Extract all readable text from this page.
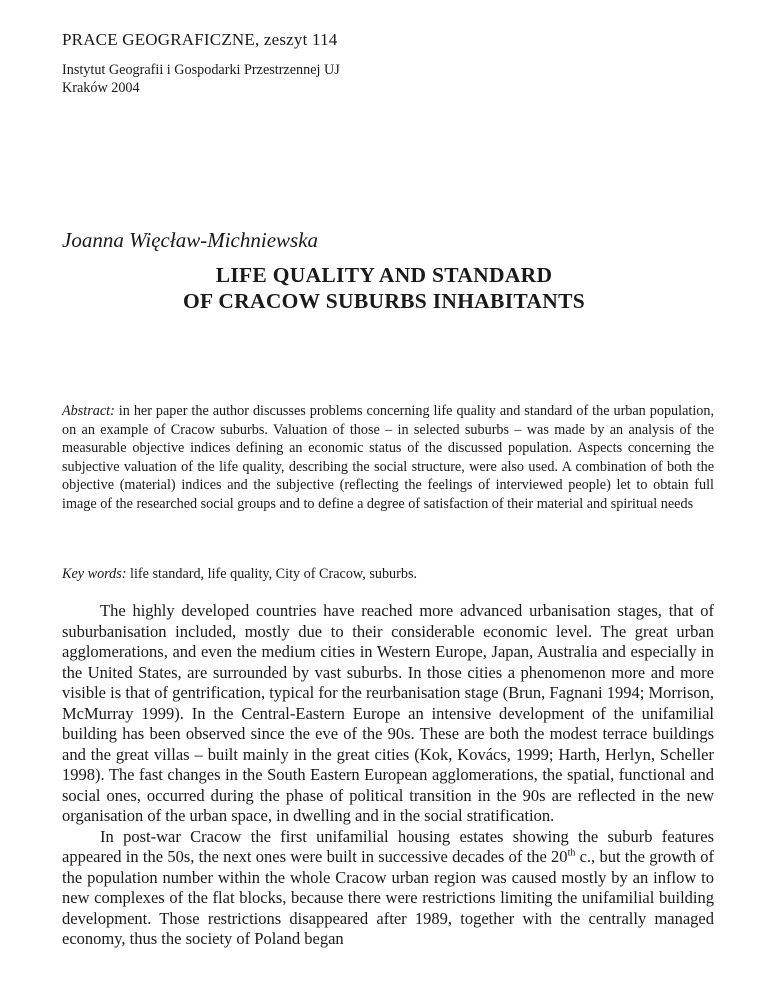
PRACE GEOGRAFICZNE, zeszyt 114
Instytut Geografii i Gospodarki Przestrzennej UJ
Kraków 2004
Joanna Więcław-Michniewska
LIFE QUALITY AND STANDARD
OF CRACOW SUBURBS INHABITANTS
Abstract: in her paper the author discusses problems concerning life quality and standard of the urban population, on an example of Cracow suburbs. Valuation of those – in selected suburbs – was made by an analysis of the measurable objective indices defining an economic status of the discussed population. Aspects concerning the subjective valuation of the life quality, describing the social structure, were also used. A combination of both the objective (material) indices and the subjective (reflecting the feelings of interviewed people) let to obtain full image of the researched social groups and to define a degree of satisfaction of their material and spiritual needs
Key words: life standard, life quality, City of Cracow, suburbs.

The highly developed countries have reached more advanced urbanisation stages, that of suburbanisation included, mostly due to their considerable economic level. The great urban agglomerations, and even the medium cities in Western Europe, Japan, Australia and especially in the United States, are surrounded by vast suburbs. In those cities a phenomenon more and more visible is that of gentrification, typical for the reurbanisation stage (Brun, Fagnani 1994; Morrison, McMurray 1999). In the Central-Eastern Europe an intensive development of the unifamilial building has been observed since the eve of the 90s. These are both the modest terrace buildings and the great villas – built mainly in the great cities (Kok, Kovács, 1999; Harth, Herlyn, Scheller 1998). The fast changes in the South Eastern European agglomerations, the spatial, functional and social ones, occurred during the phase of political transition in the 90s are reflected in the new organisation of the urban space, in dwelling and in the social stratification.

In post-war Cracow the first unifamilial housing estates showing the suburb features appeared in the 50s, the next ones were built in successive decades of the 20th c., but the growth of the population number within the whole Cracow urban region was caused mostly by an inflow to new complexes of the flat blocks, because there were restrictions limiting the unifamilial building development. Those restrictions disappeared after 1989, together with the centrally managed economy, thus the society of Poland began
